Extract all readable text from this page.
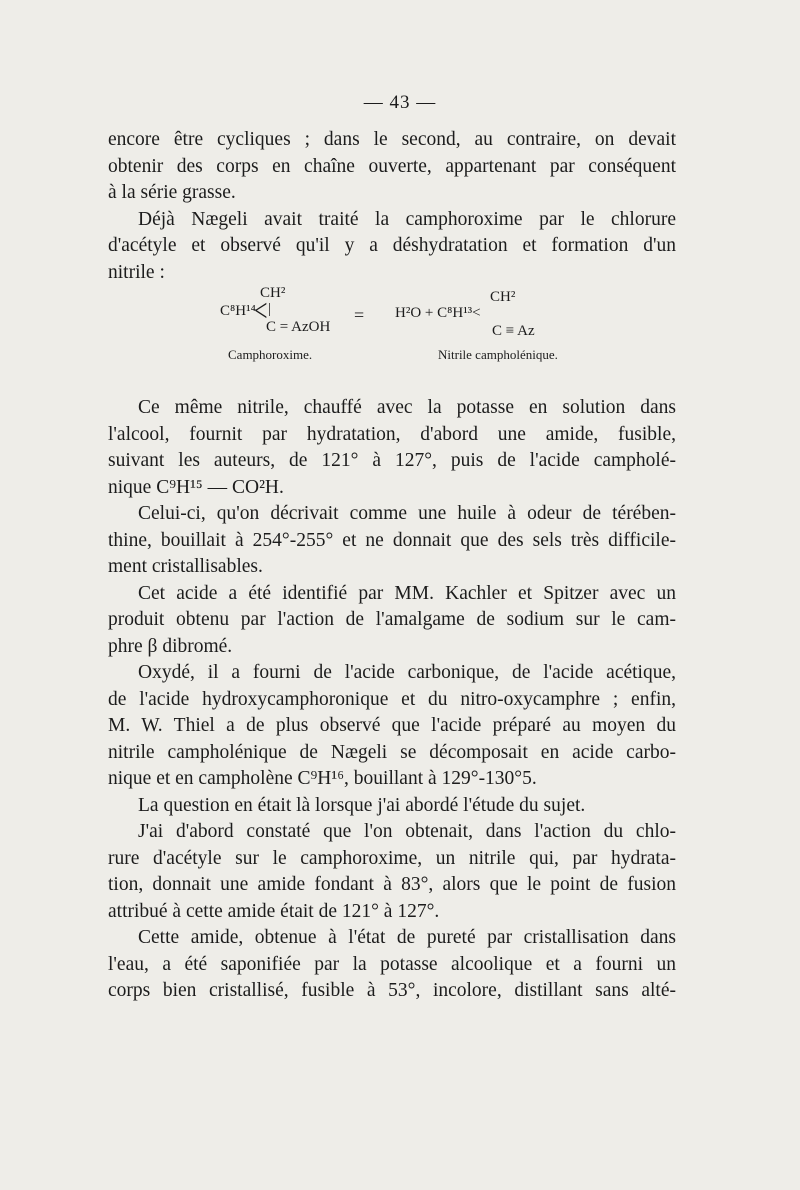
— 43 —

encore être cycliques ; dans le second, au contraire, on devait
obtenir des corps en chaîne ouverte, appartenant par conséquent
à la série grasse.

Déjà Nægeli avait traité la camphoroxime par le chlorure
d'acétyle et observé qu'il y a déshydratation et formation d'un
nitrile :

CH²
C⁸H¹⁴
< |
C = AzOH
= H²O + C⁸H¹³<
CH²
C ≡ Az
Camphoroxime.	Nitrile campholénique.

Ce même nitrile, chauffé avec la potasse en solution dans
l'alcool, fournit par hydratation, d'abord une amide, fusible,
suivant les auteurs, de 121° à 127°, puis de l'acide campholé-
nique C⁹H¹⁵ — CO²H.

Celui-ci, qu'on décrivait comme une huile à odeur de térében-
thine, bouillait à 254°-255° et ne donnait que des sels très difficile-
ment cristallisables.

Cet acide a été identifié par MM. Kachler et Spitzer avec un
produit obtenu par l'action de l'amalgame de sodium sur le cam-
phre β dibromé.

Oxydé, il a fourni de l'acide carbonique, de l'acide acétique,
de l'acide hydroxycamphoronique et du nitro-oxycamphre ; enfin,
M. W. Thiel a de plus observé que l'acide préparé au moyen du
nitrile campholénique de Nægeli se décomposait en acide carbo-
nique et en campholène C⁹H¹⁶, bouillant à 129°-130°5.

La question en était là lorsque j'ai abordé l'étude du sujet.

J'ai d'abord constaté que l'on obtenait, dans l'action du chlo-
rure d'acétyle sur le camphoroxime, un nitrile qui, par hydrata-
tion, donnait une amide fondant à 83°, alors que le point de fusion
attribué à cette amide était de 121° à 127°.

Cette amide, obtenue à l'état de pureté par cristallisation dans
l'eau, a été saponifiée par la potasse alcoolique et a fourni un
corps bien cristallisé, fusible à 53°, incolore, distillant sans alté-
